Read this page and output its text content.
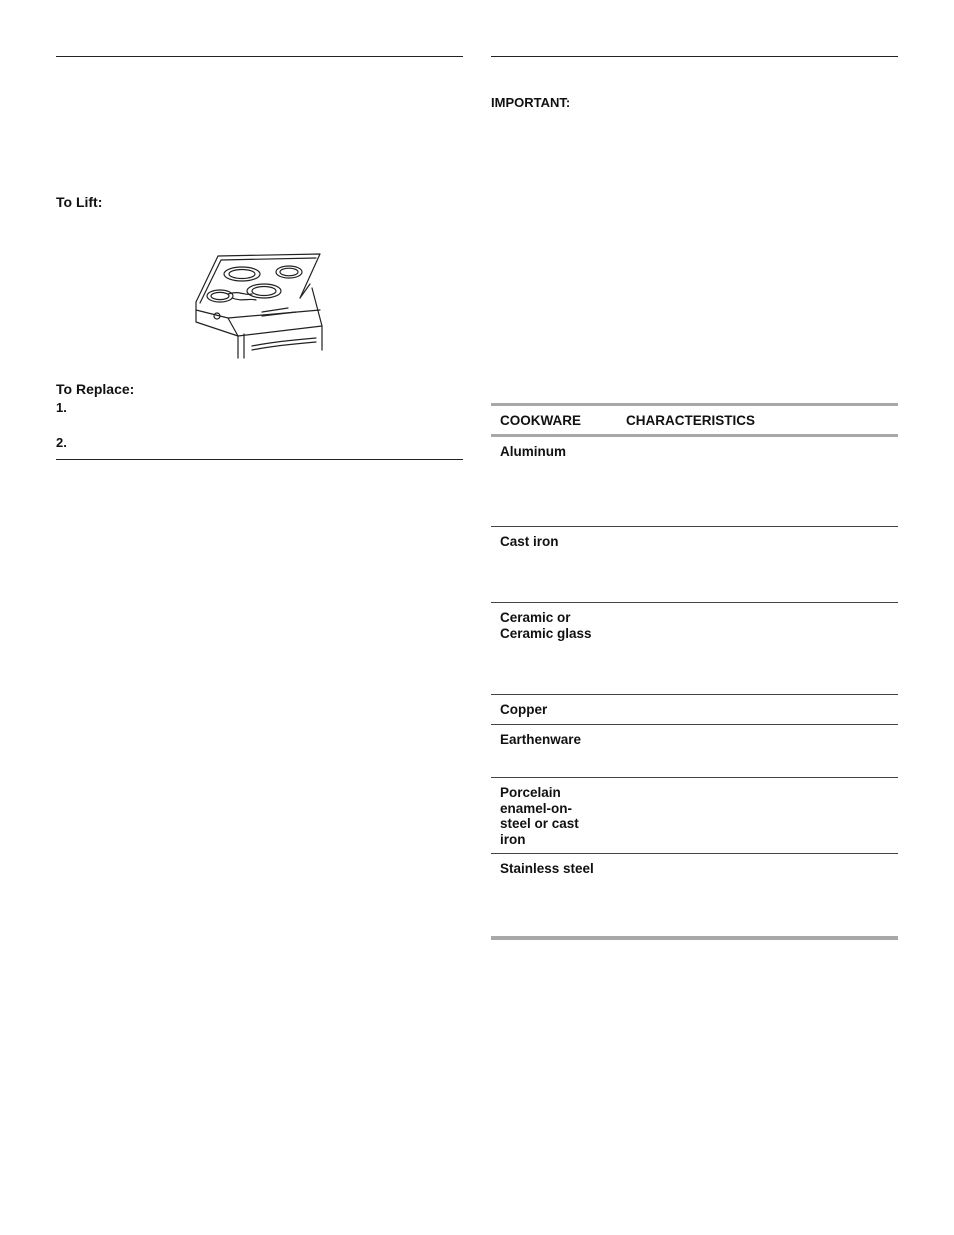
To Lift:
To Replace:
1.
2.
IMPORTANT:
COOKWARE	CHARACTERISTICS
Aluminum
Cast iron
Ceramic or
Ceramic glass
Copper
Earthenware
Porcelain
enamel-on-
steel or cast
iron
Stainless steel
